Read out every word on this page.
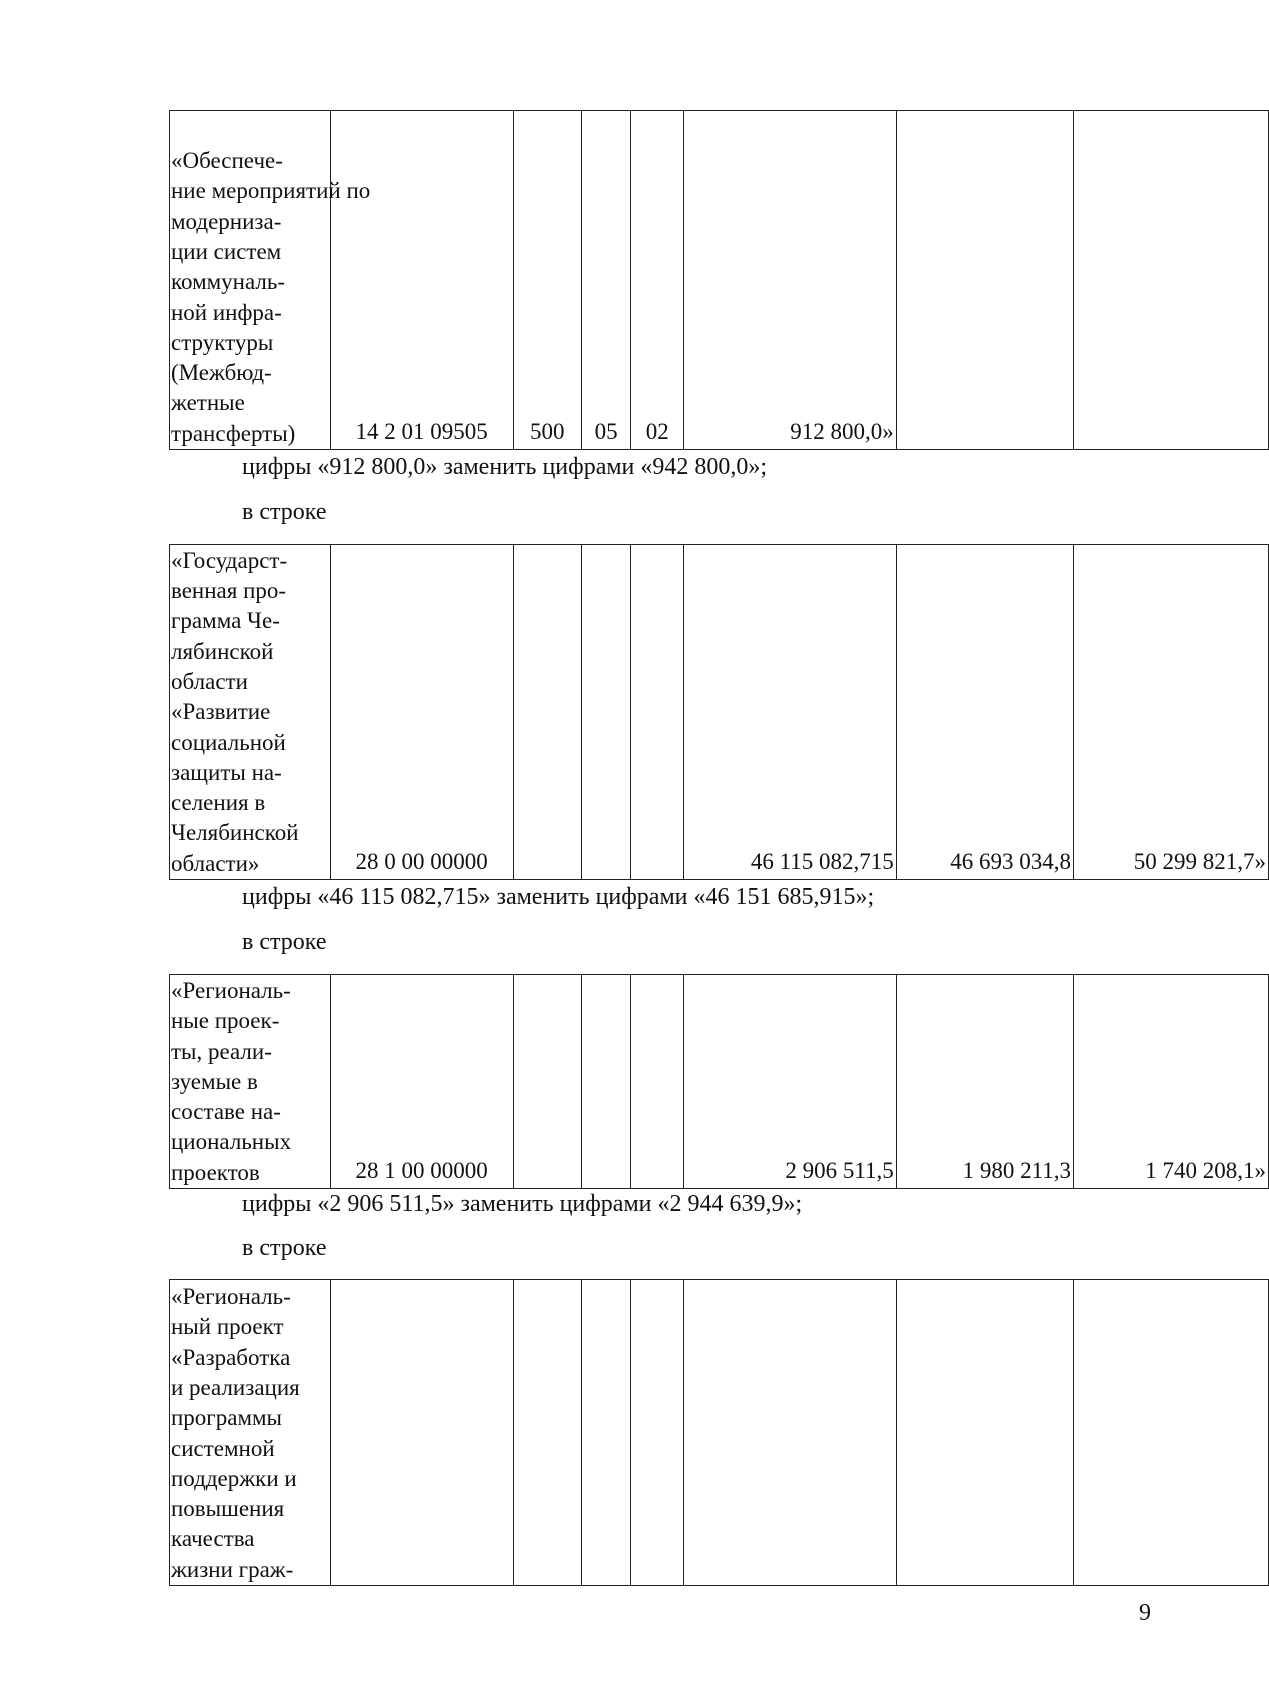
«Обеспече-
ние мероприятий по
модерниза-
ции систем
коммуналь-
ной инфра-
структуры
(Межбюд-
жетные
трансферты)	14 2 01 09505	500	05	02	912 800,0»		
цифры «912 800,0» заменить цифрами «942 800,0»;
в строке
«Государст-
венная про-
грамма Че-
лябинской
области
«Развитие
социальной
защиты на-
селения в
Челябинской
области»	28 0 00 00000				46 115 082,715	46 693 034,8	50 299 821,7»
цифры «46 115 082,715» заменить цифрами «46 151 685,915»;
в строке
«Региональ-
ные проек-
ты, реали-
зуемые в
составе на-
циональных
проектов	28 1 00 00000				2 906 511,5	1 980 211,3	1 740 208,1»
цифры «2 906 511,5» заменить цифрами «2 944 639,9»;
в строке
«Региональ-
ный проект
«Разработка
и реализация
программы
системной
поддержки и
повышения
качества
жизни граж-

9
